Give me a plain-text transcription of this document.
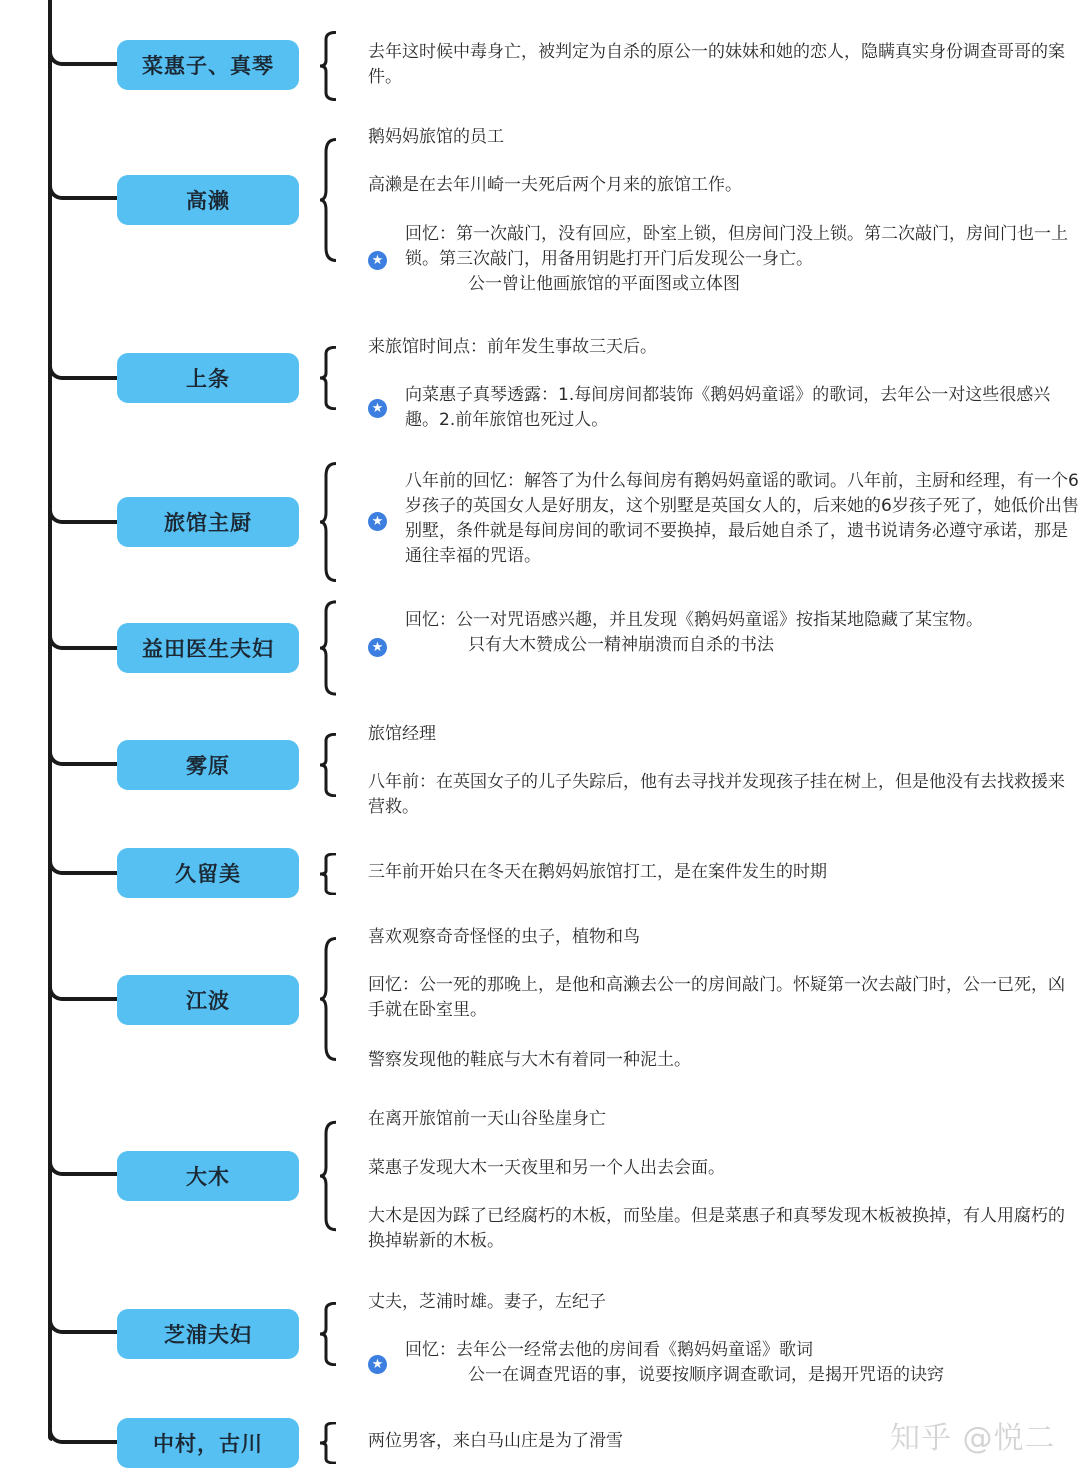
菜惠子、真琴
去年这时候中毒身亡，被判定为自杀的原公一的妹妹和她的恋人，隐瞒真实身份调查哥哥的案件。
高濑
鹅妈妈旅馆的员工
高濑是在去年川崎一夫死后两个月来的旅馆工作。
★
回忆：第一次敲门，没有回应，卧室上锁，但房间门没上锁。第二次敲门，房间门也一上锁。第三次敲门，用备用钥匙打开门后发现公一身亡。
公一曾让他画旅馆的平面图或立体图
上条
来旅馆时间点：前年发生事故三天后。
★
向菜惠子真琴透露：1.每间房间都装饰《鹅妈妈童谣》的歌词，去年公一对这些很感兴趣。2.前年旅馆也死过人。
旅馆主厨	★
八年前的回忆：解答了为什么每间房有鹅妈妈童谣的歌词。八年前，主厨和经理，有一个6岁孩子的英国女人是好朋友，这个别墅是英国女人的，后来她的6岁孩子死了，她低价出售别墅，条件就是每间房间的歌词不要换掉，最后她自杀了，遗书说请务必遵守承诺，那是通往幸福的咒语。
益田医生夫妇	★
回忆：公一对咒语感兴趣，并且发现《鹅妈妈童谣》按指某地隐藏了某宝物。
只有大木赞成公一精神崩溃而自杀的书法
雾原
旅馆经理
八年前：在英国女子的儿子失踪后，他有去寻找并发现孩子挂在树上，但是他没有去找救援来营救。
久留美	三年前开始只在冬天在鹅妈妈旅馆打工，是在案件发生的时期
江波
喜欢观察奇奇怪怪的虫子，植物和鸟
回忆：公一死的那晚上，是他和高濑去公一的房间敲门。怀疑第一次去敲门时，公一已死，凶手就在卧室里。
警察发现他的鞋底与大木有着同一种泥土。
大木
在离开旅馆前一天山谷坠崖身亡
菜惠子发现大木一天夜里和另一个人出去会面。
大木是因为踩了已经腐朽的木板，而坠崖。但是菜惠子和真琴发现木板被换掉，有人用腐朽的换掉崭新的木板。
芝浦夫妇
丈夫，芝浦时雄。妻子，左纪子
★
回忆：去年公一经常去他的房间看《鹅妈妈童谣》歌词
公一在调查咒语的事，说要按顺序调查歌词，是揭开咒语的诀窍
中村，古川	两位男客，来白马山庄是为了滑雪	知乎 @悦二
